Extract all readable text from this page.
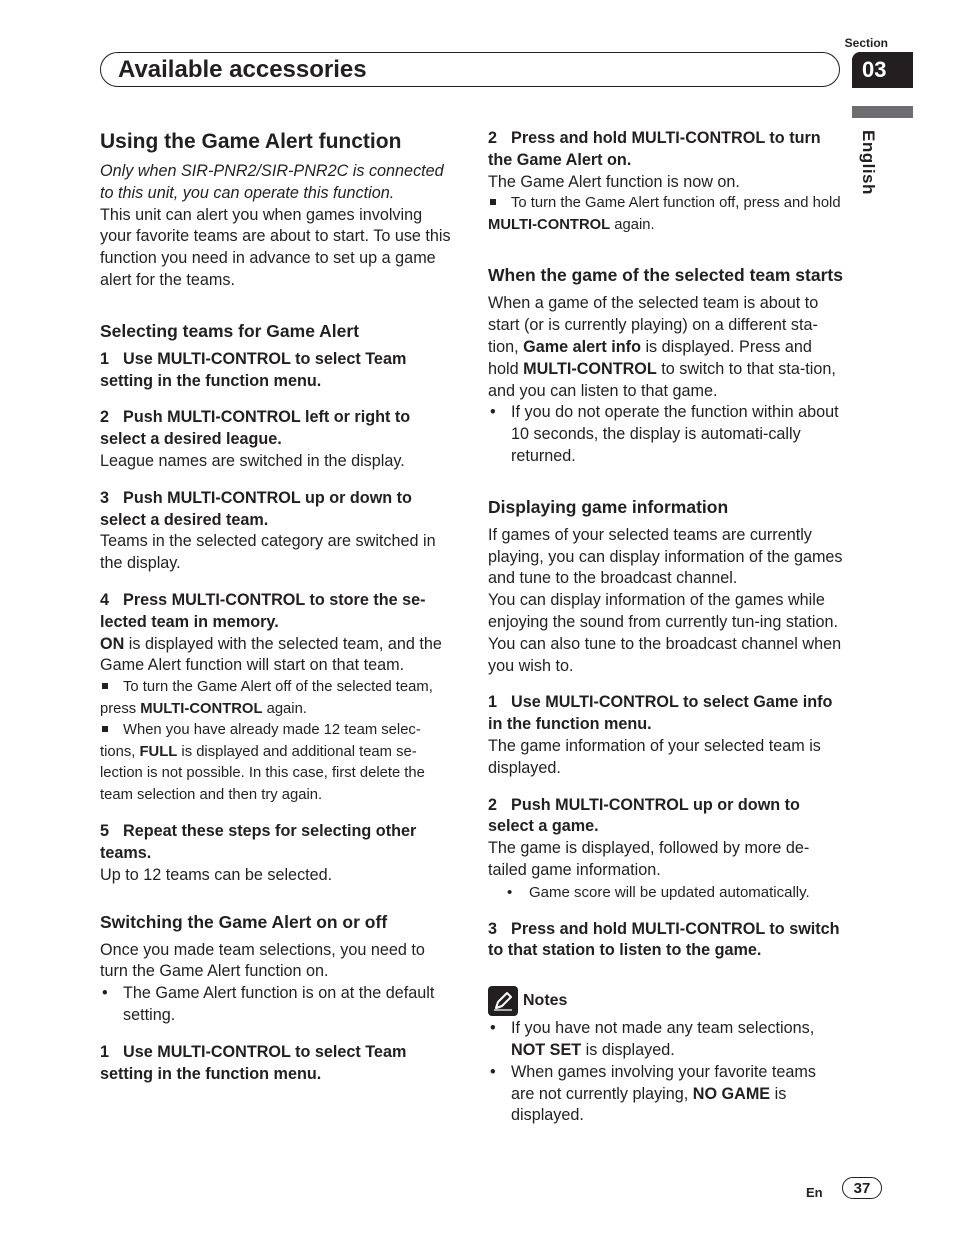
Section
03
Available accessories
English
Using the Game Alert function

Only when SIR-PNR2/SIR-PNR2C is connected to this unit, you can operate this function.

This unit can alert you when games involving your favorite teams are about to start. To use this function you need in advance to set up a game alert for the teams.

Selecting teams for Game Alert

1 Use MULTI-CONTROL to select Team setting in the function menu.

2 Push MULTI-CONTROL left or right to select a desired league.

League names are switched in the display.

3 Push MULTI-CONTROL up or down to select a desired team.

Teams in the selected category are switched in the display.

4 Press MULTI-CONTROL to store the se-lected team in memory.

ON is displayed with the selected team, and the Game Alert function will start on that team.

To turn the Game Alert off of the selected team, press MULTI-CONTROL again.

When you have already made 12 team selec-tions, FULL is displayed and additional team se-lection is not possible. In this case, first delete the team selection and then try again.

5 Repeat these steps for selecting other teams.

Up to 12 teams can be selected.

Switching the Game Alert on or off

Once you made team selections, you need to turn the Game Alert function on.

• The Game Alert function is on at the default setting.

1 Use MULTI-CONTROL to select Team setting in the function menu.

2 Press and hold MULTI-CONTROL to turn the Game Alert on.

The Game Alert function is now on.

To turn the Game Alert function off, press and hold MULTI-CONTROL again.

When the game of the selected team starts

When a game of the selected team is about to start (or is currently playing) on a different sta-tion, Game alert info is displayed. Press and hold MULTI-CONTROL to switch to that sta-tion, and you can listen to that game.

• If you do not operate the function within about 10 seconds, the display is automati-cally returned.
Displaying game information

If games of your selected teams are currently playing, you can display information of the games and tune to the broadcast channel.

You can display information of the games while enjoying the sound from currently tun-ing station. You can also tune to the broadcast channel when you wish to.

1 Use MULTI-CONTROL to select Game info in the function menu.

The game information of your selected team is displayed.

2 Push MULTI-CONTROL up or down to select a game.

The game is displayed, followed by more de-tailed game information.

• Game score will be updated automatically.

3 Press and hold MULTI-CONTROL to switch to that station to listen to the game.

Notes
• If you have not made any team selections, NOT SET is displayed.
• When games involving your favorite teams are not currently playing, NO GAME is displayed.
En	37
